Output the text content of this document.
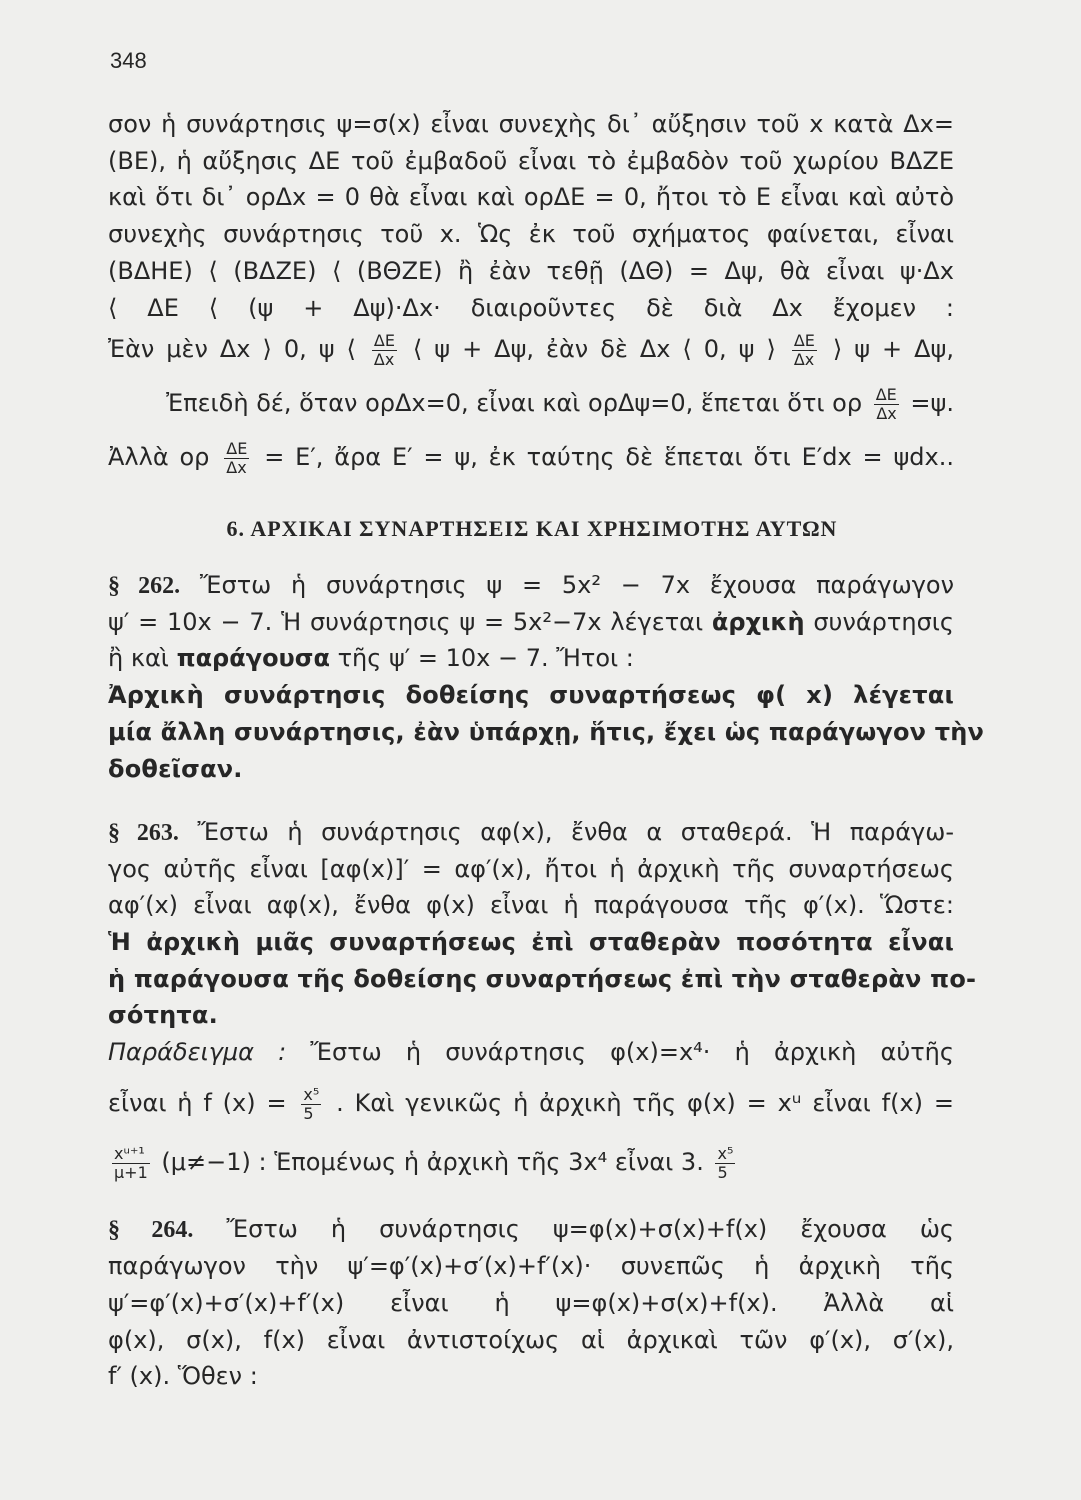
348
σον ἡ συνάρτησις ψ=σ(x) εἶναι συνεχὴς δι᾽ αὔξησιν τοῦ x κατὰ Δx=
(ΒΕ), ἡ αὔξησις ΔΕ τοῦ ἐμβαδοῦ εἶναι τὸ ἐμβαδὸν τοῦ χωρίου ΒΔΖΕ
καὶ ὅτι δι᾽ ορΔx = 0 θὰ εἶναι καὶ ορΔΕ = 0, ἤτοι τὸ Ε εἶναι καὶ αὐτὸ
συνεχὴς συνάρτησις τοῦ x. Ὡς ἐκ τοῦ σχήματος φαίνεται, εἶναι
(ΒΔΗΕ) ⟨ (ΒΔΖΕ) ⟨ (ΒΘΖΕ) ἢ ἐὰν τεθῇ (ΔΘ) = Δψ, θὰ εἶναι ψ·Δx
⟨ ΔΕ ⟨ (ψ + Δψ)·Δx· διαιροῦντες δὲ διὰ Δx ἔχομεν :
Ἐὰν μὲν Δx ⟩ 0, ψ ⟨ $\frac{\Delta E}{\Delta x}$ ⟨ ψ + Δψ, ἐὰν δὲ Δx ⟨ 0, ψ ⟩ $\frac{\Delta E}{\Delta x}$ ⟩ ψ + Δψ,
Ἐπειδὴ δέ, ὅταν ορΔx=0, εἶναι καὶ ορΔψ=0, ἕπεται ὅτι ορ $\frac{\Delta E}{\Delta x} =\psi$.
Ἀλλὰ ορ $\frac{\Delta E}{\Delta x} = E'$, ἄρα Ε′ = ψ, ἐκ ταύτης δὲ ἕπεται ὅτι Ε′dx = ψdx..
6. ΑΡΧΙΚΑΙ ΣΥΝΑΡΤΗΣΕΙΣ ΚΑΙ ΧΡΗΣΙΜΟΤΗΣ ΑΥΤΩΝ
§ 262. Ἔστω ἡ συνάρτησις ψ = 5x² − 7x ἔχουσα παράγωγον
ψ′ = 10x − 7. Ἡ συνάρτησις ψ = 5x²−7x λέγεται ἀρχικὴ συνάρτησις
ἢ καὶ παράγουσα τῆς ψ′ = 10x − 7. Ἤτοι :
Ἀρχικὴ συνάρτησις δοθείσης συναρτήσεως φ( x) λέγεται
μία ἄλλη συνάρτησις, ἐὰν ὑπάρχῃ, ἥτις, ἔχει ὡς παράγωγον τὴν
δοθεῖσαν.
§ 263. Ἔστω ἡ συνάρτησις αφ(x), ἔνθα α σταθερά. Ἡ παράγω-
γος αὐτῆς εἶναι [αφ(x)]′ = αφ′(x), ἤτοι ἡ ἀρχικὴ τῆς συναρτήσεως
αφ′(x) εἶναι αφ(x), ἔνθα φ(x) εἶναι ἡ παράγουσα τῆς φ′(x). Ὥστε:
Ἡ ἀρχικὴ μιᾶς συναρτήσεως ἐπὶ σταθερὰν ποσότητα εἶναι
ἡ παράγουσα τῆς δοθείσης συναρτήσεως ἐπὶ τὴν σταθερὰν πο-
σότητα.
Παράδειγμα : Ἔστω ἡ συνάρτησις φ(x)=x⁴· ἡ ἀρχικὴ αὐτῆς
εἶναι ἡ f $(x) = \frac{\text{x⁵}}{5}$ . Καὶ γενικῶς ἡ ἀρχικὴ τῆς φ(x) = xᵘ εἶναι f(x) =
$\frac{\text{xᵘ⁺¹}}{\mu+1} (\mu\ne-1)$ : Ἑπομένως ἡ ἀρχικὴ τῆς 3x⁴ εἶναι 3. $\frac{\text{x⁵}}{5}$
§ 264. Ἔστω ἡ συνάρτησις ψ=φ(x)+σ(x)+f(x) ἔχουσα ὡς
παράγωγον τὴν ψ′=φ′(x)+σ′(x)+f′(x)· συνεπῶς ἡ ἀρχικὴ τῆς
ψ′=φ′(x)+σ′(x)+f′(x) εἶναι ἡ ψ=φ(x)+σ(x)+f(x). Ἀλλὰ αἱ
φ(x), σ(x), f(x) εἶναι ἀντιστοίχως αἱ ἀρχικαὶ τῶν φ′(x), σ′(x),
f′ (x). Ὅθεν :
